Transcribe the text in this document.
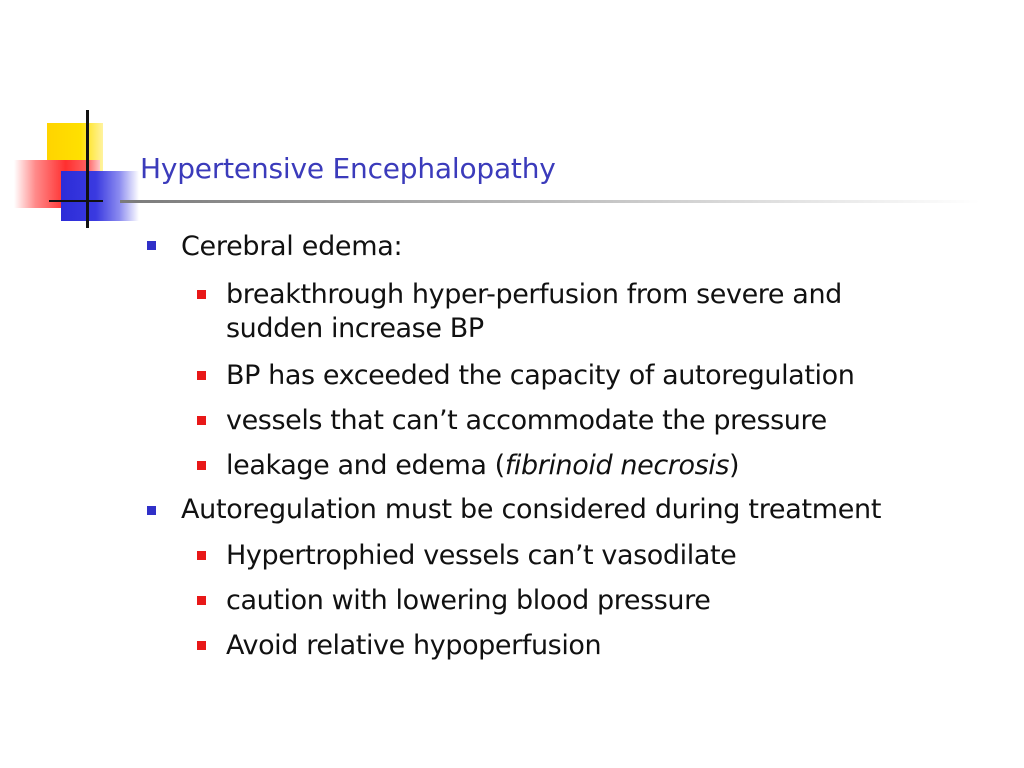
Hypertensive Encephalopathy
Cerebral edema:
breakthrough hyper-perfusion from severe and
sudden increase BP
BP has exceeded the capacity of autoregulation
vessels that can’t accommodate the pressure
leakage and edema (fibrinoid necrosis)
Autoregulation must be considered during treatment
Hypertrophied vessels can’t vasodilate
caution with lowering blood pressure
Avoid relative hypoperfusion
